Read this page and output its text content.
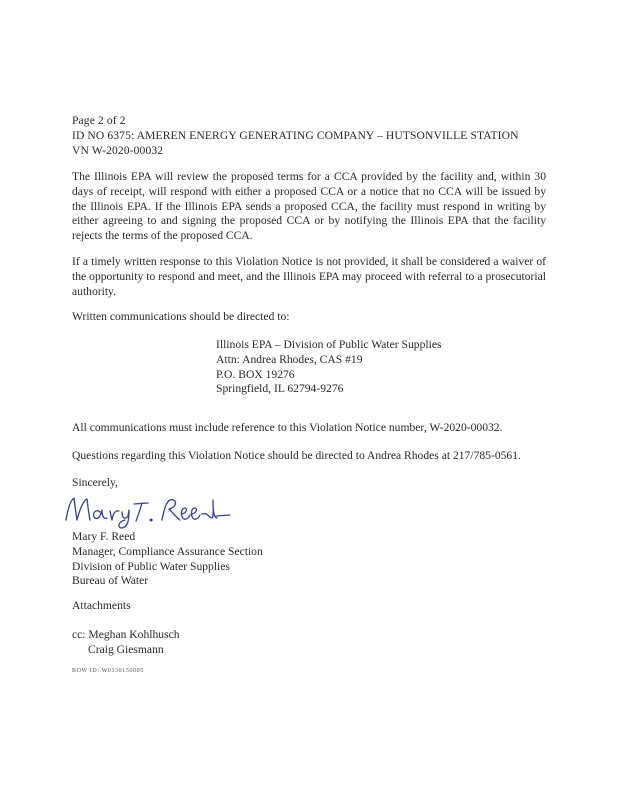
Page 2 of 2
ID NO 6375: AMEREN ENERGY GENERATING COMPANY – HUTSONVILLE STATION
VN W-2020-00032
The Illinois EPA will review the proposed terms for a CCA provided by the facility and, within 30 days of receipt, will respond with either a proposed CCA or a notice that no CCA will be issued by the Illinois EPA. If the Illinois EPA sends a proposed CCA, the facility must respond in writing by either agreeing to and signing the proposed CCA or by notifying the Illinois EPA that the facility rejects the terms of the proposed CCA.
If a timely written response to this Violation Notice is not provided, it shall be considered a waiver of the opportunity to respond and meet, and the Illinois EPA may proceed with referral to a prosecutorial authority.
Written communications should be directed to:
Illinois EPA – Division of Public Water Supplies
Attn: Andrea Rhodes, CAS #19
P.O. BOX 19276
Springfield, IL 62794-9276
All communications must include reference to this Violation Notice number, W-2020-00032.
Questions regarding this Violation Notice should be directed to Andrea Rhodes at 217/785-0561.
Sincerely,
Mary F. Reed
Manager, Compliance Assurance Section
Division of Public Water Supplies
Bureau of Water
Attachments
cc: Meghan Kohlhusch
Craig Giesmann
BOW ID: W0330150005
